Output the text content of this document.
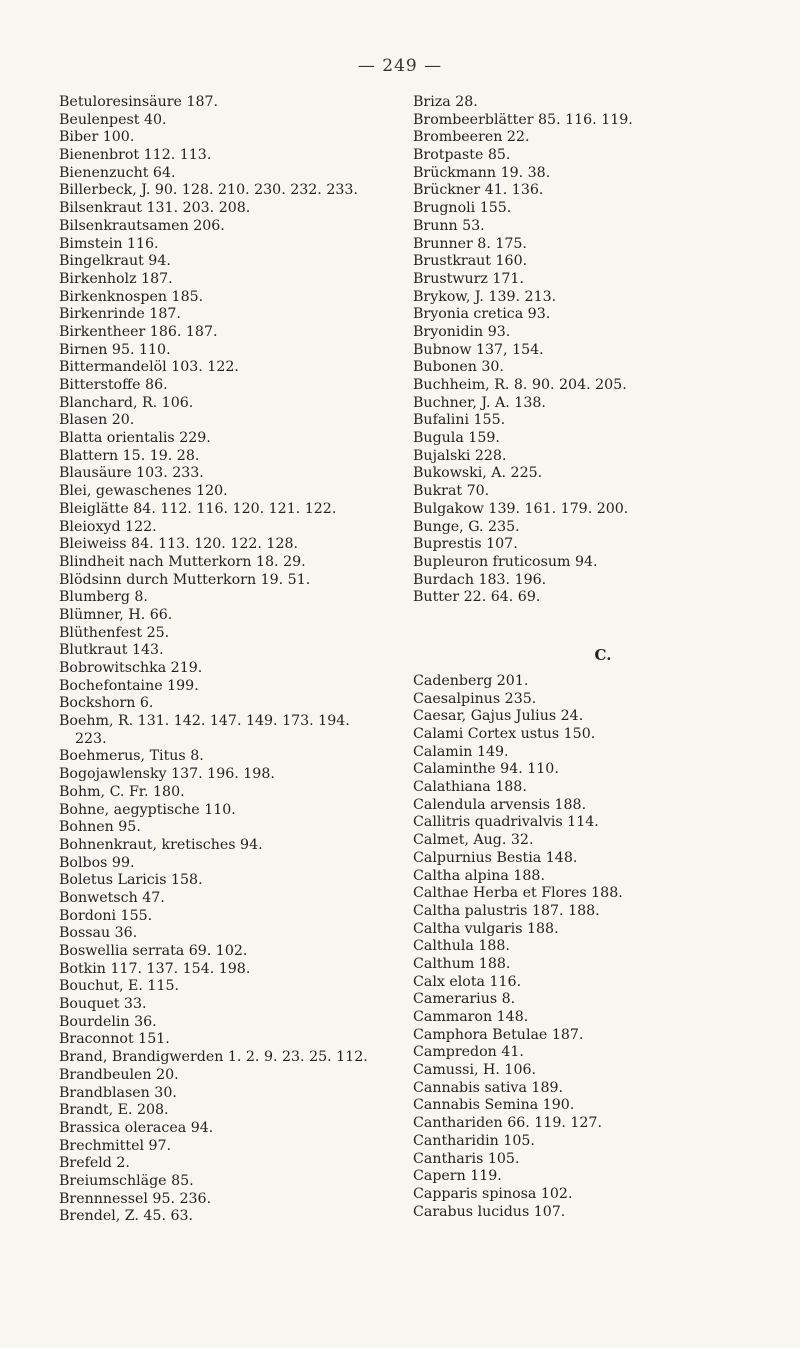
— 249 —
Betuloresinsäure 187.
Beulenpest 40.
Biber 100.
Bienenbrot 112. 113.
Bienenzucht 64.
Billerbeck, J. 90. 128. 210. 230. 232. 233.
Bilsenkraut 131. 203. 208.
Bilsenkrautsamen 206.
Bimstein 116.
Bingelkraut 94.
Birkenholz 187.
Birkenknospen 185.
Birkenrinde 187.
Birkentheer 186. 187.
Birnen 95. 110.
Bittermandelöl 103. 122.
Bitterstoffe 86.
Blanchard, R. 106.
Blasen 20.
Blatta orientalis 229.
Blattern 15. 19. 28.
Blausäure 103. 233.
Blei, gewaschenes 120.
Bleiglätte 84. 112. 116. 120. 121. 122.
Bleioxyd 122.
Bleiweiss 84. 113. 120. 122. 128.
Blindheit nach Mutterkorn 18. 29.
Blödsinn durch Mutterkorn 19. 51.
Blumberg 8.
Blümner, H. 66.
Blüthenfest 25.
Blutkraut 143.
Bobrowitschka 219.
Bochefontaine 199.
Bockshorn 6.
Boehm, R. 131. 142. 147. 149. 173. 194.
223.
Boehmerus, Titus 8.
Bogojawlensky 137. 196. 198.
Bohm, C. Fr. 180.
Bohne, aegyptische 110.
Bohnen 95.
Bohnenkraut, kretisches 94.
Bolbos 99.
Boletus Laricis 158.
Bonwetsch 47.
Bordoni 155.
Bossau 36.
Boswellia serrata 69. 102.
Botkin 117. 137. 154. 198.
Bouchut, E. 115.
Bouquet 33.
Bourdelin 36.
Braconnot 151.
Brand, Brandigwerden 1. 2. 9. 23. 25. 112.
Brandbeulen 20.
Brandblasen 30.
Brandt, E. 208.
Brassica oleracea 94.
Brechmittel 97.
Brefeld 2.
Breiumschläge 85.
Brennnessel 95. 236.
Brendel, Z. 45. 63.
Briza 28.
Brombeerblätter 85. 116. 119.
Brombeeren 22.
Brotpaste 85.
Brückmann 19. 38.
Brückner 41. 136.
Brugnoli 155.
Brunn 53.
Brunner 8. 175.
Brustkraut 160.
Brustwurz 171.
Brykow, J. 139. 213.
Bryonia cretica 93.
Bryonidin 93.
Bubnow 137, 154.
Bubonen 30.
Buchheim, R. 8. 90. 204. 205.
Buchner, J. A. 138.
Bufalini 155.
Bugula 159.
Bujalski 228.
Bukowski, A. 225.
Bukrat 70.
Bulgakow 139. 161. 179. 200.
Bunge, G. 235.
Buprestis 107.
Bupleuron fruticosum 94.
Burdach 183. 196.
Butter 22. 64. 69.
C.
Cadenberg 201.
Caesalpinus 235.
Caesar, Gajus Julius 24.
Calami Cortex ustus 150.
Calamin 149.
Calaminthe 94. 110.
Calathiana 188.
Calendula arvensis 188.
Callitris quadrivalvis 114.
Calmet, Aug. 32.
Calpurnius Bestia 148.
Caltha alpina 188.
Calthae Herba et Flores 188.
Caltha palustris 187. 188.
Caltha vulgaris 188.
Calthula 188.
Calthum 188.
Calx elota 116.
Camerarius 8.
Cammaron 148.
Camphora Betulae 187.
Campredon 41.
Camussi, H. 106.
Cannabis sativa 189.
Cannabis Semina 190.
Canthariden 66. 119. 127.
Cantharidin 105.
Cantharis 105.
Capern 119.
Capparis spinosa 102.
Carabus lucidus 107.
